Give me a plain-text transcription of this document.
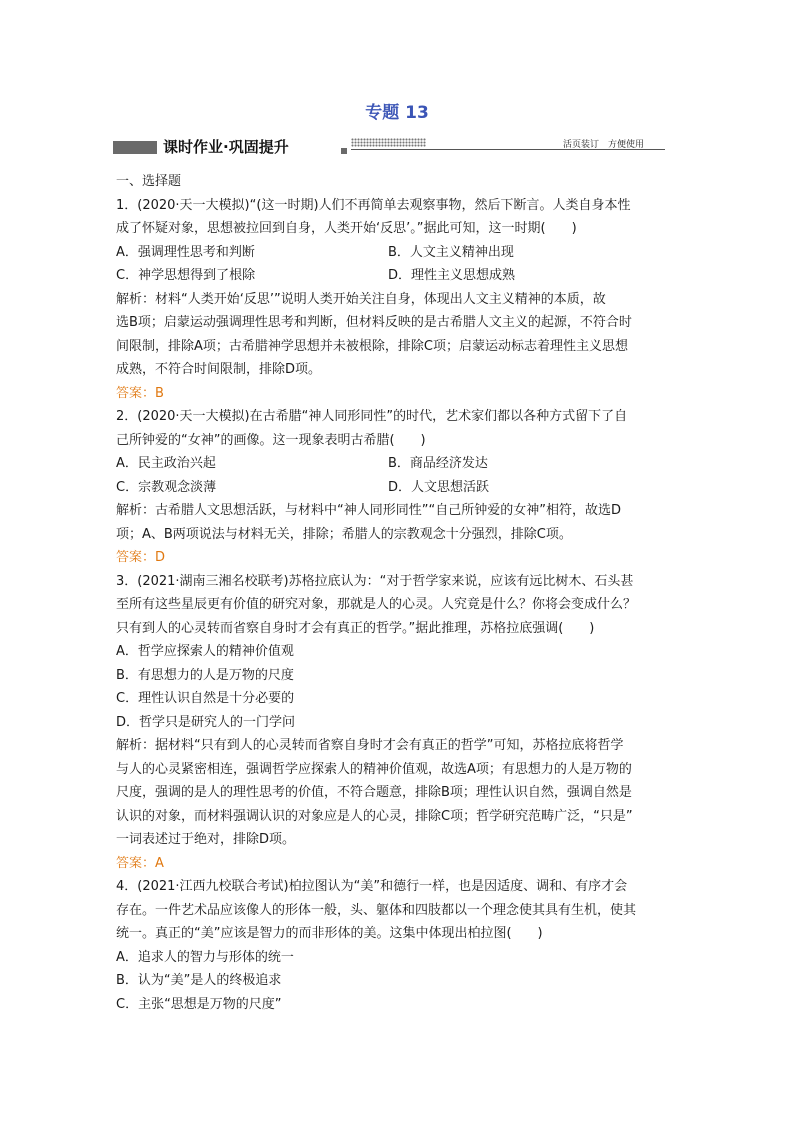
专题 13
课时作业·巩固提升	活页装订　方便使用

一、选择题

1．(2020·天一大模拟)“(这一时期)人们不再简单去观察事物，然后下断言。人类自身本性

成了怀疑对象，思想被拉回到自身，人类开始‘反思’。”据此可知，这一时期(　　)

A．强调理性思考和判断	B．人文主义精神出现
C．神学思想得到了根除	D．理性主义思想成熟

解析：材料“人类开始‘反思’”说明人类开始关注自身，体现出人文主义精神的本质，故

选B项；启蒙运动强调理性思考和判断，但材料反映的是古希腊人文主义的起源，不符合时

间限制，排除A项；古希腊神学思想并未被根除，排除C项；启蒙运动标志着理性主义思想

成熟，不符合时间限制，排除D项。

答案：B

2．(2020·天一大模拟)在古希腊“神人同形同性”的时代，艺术家们都以各种方式留下了自

己所钟爱的“女神”的画像。这一现象表明古希腊(　　)

A．民主政治兴起	B．商品经济发达
C．宗教观念淡薄	D．人文思想活跃

解析：古希腊人文思想活跃，与材料中“神人同形同性”“自己所钟爱的女神”相符，故选D

项；A、B两项说法与材料无关，排除；希腊人的宗教观念十分强烈，排除C项。

答案：D

3．(2021·湖南三湘名校联考)苏格拉底认为：“对于哲学家来说，应该有远比树木、石头甚

至所有这些星辰更有价值的研究对象，那就是人的心灵。人究竟是什么？你将会变成什么？

只有到人的心灵转而省察自身时才会有真正的哲学。”据此推理，苏格拉底强调(　　)

A．哲学应探索人的精神价值观

B．有思想力的人是万物的尺度

C．理性认识自然是十分必要的

D．哲学只是研究人的一门学问

解析：据材料“只有到人的心灵转而省察自身时才会有真正的哲学”可知，苏格拉底将哲学

与人的心灵紧密相连，强调哲学应探索人的精神价值观，故选A项；有思想力的人是万物的

尺度，强调的是人的理性思考的价值，不符合题意，排除B项；理性认识自然，强调自然是

认识的对象，而材料强调认识的对象应是人的心灵，排除C项；哲学研究范畴广泛，“只是”

一词表述过于绝对，排除D项。

答案：A

4．(2021·江西九校联合考试)柏拉图认为“美”和德行一样，也是因适度、调和、有序才会

存在。一件艺术品应该像人的形体一般，头、躯体和四肢都以一个理念使其具有生机，使其

统一。真正的“美”应该是智力的而非形体的美。这集中体现出柏拉图(　　)

A．追求人的智力与形体的统一

B．认为“美”是人的终极追求

C．主张“思想是万物的尺度”
